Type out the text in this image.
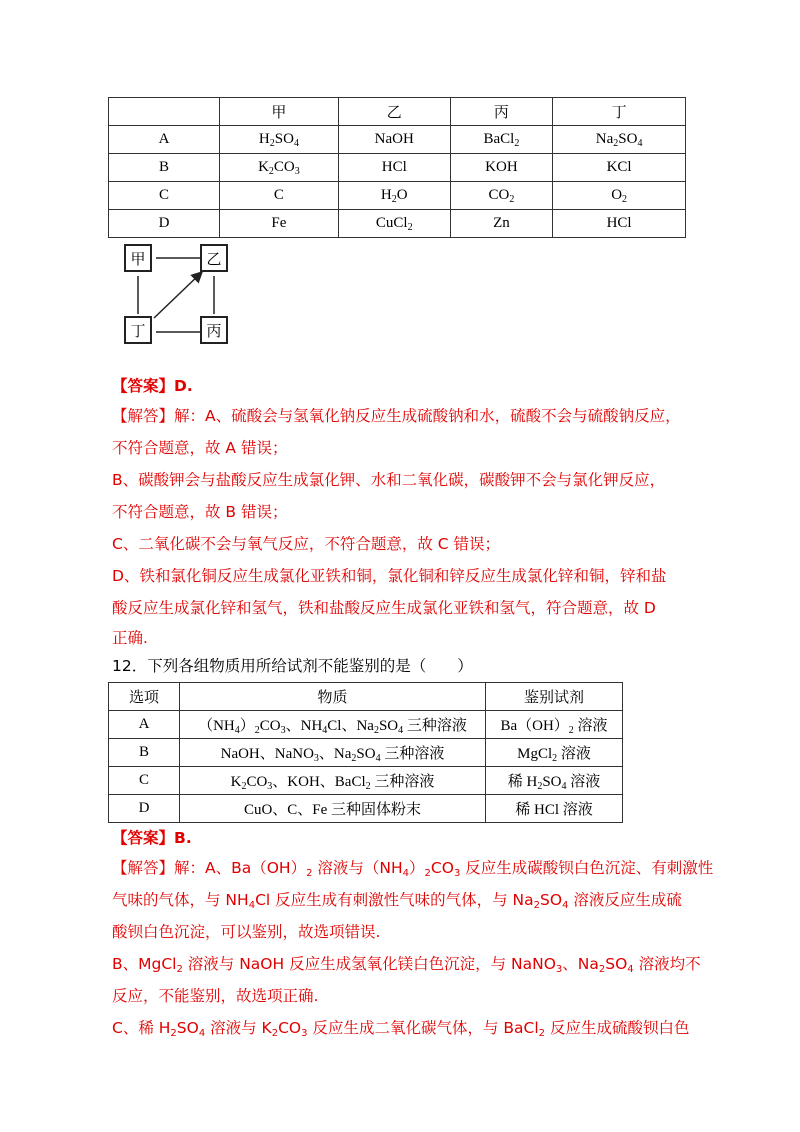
	甲	乙	丙	丁
A	$H_2SO_4$	NaOH	BaCl$_2$	$Na_2SO_4$
B	$K_2CO_3$	HCl	KOH	KCl
C	C	$H_2O$	$CO_2$	$O_2$
D	Fe	CuCl$_2$	Zn	HCl
甲	乙
丁	丙
【答案】D.
【解答】解：A、硫酸会与氢氧化钠反应生成硫酸钠和水，硫酸不会与硫酸钠反应，
不符合题意，故 A 错误；
B、碳酸钾会与盐酸反应生成氯化钾、水和二氧化碳，碳酸钾不会与氯化钾反应，
不符合题意，故 B 错误；
C、二氧化碳不会与氧气反应，不符合题意，故 C 错误；
D、铁和氯化铜反应生成氯化亚铁和铜，氯化铜和锌反应生成氯化锌和铜，锌和盐
酸反应生成氯化锌和氢气，铁和盐酸反应生成氯化亚铁和氢气，符合题意，故 D
正确.
12．下列各组物质用所给试剂不能鉴别的是（　　）
选项	物质	鉴别试剂
A	$(NH_4)_2CO_3$、$NH_4Cl$、$Na_2SO_4$ 三种溶液	$Ba(OH)_2$ 溶液
B	NaOH、NaNO$_3$、$Na_2SO_4$ 三种溶液	MgCl$_2$ 溶液
C	$K_2CO_3$、KOH、BaCl$_2$ 三种溶液	稀 $H_2SO_4$ 溶液
D	CuO、C、Fe 三种固体粉末	稀 HCl 溶液
【答案】B.
【解答】解：A、$Ba(OH)_2$ 溶液与$(NH_4)_2CO_3$ 反应生成碳酸钡白色沉淀、有刺激性
气味的气体，与 $NH_4Cl$ 反应生成有刺激性气味的气体，与 $Na_2SO_4$ 溶液反应生成硫
酸钡白色沉淀，可以鉴别，故选项错误.
B、MgCl$_2$ 溶液与 NaOH 反应生成氢氧化镁白色沉淀，与 NaNO$_3$、$Na_2SO_4$ 溶液均不
反应，不能鉴别，故选项正确.
C、稀 $H_2SO_4$ 溶液与 $K_2CO_3$ 反应生成二氧化碳气体，与 BaCl$_2$ 反应生成硫酸钡白色
